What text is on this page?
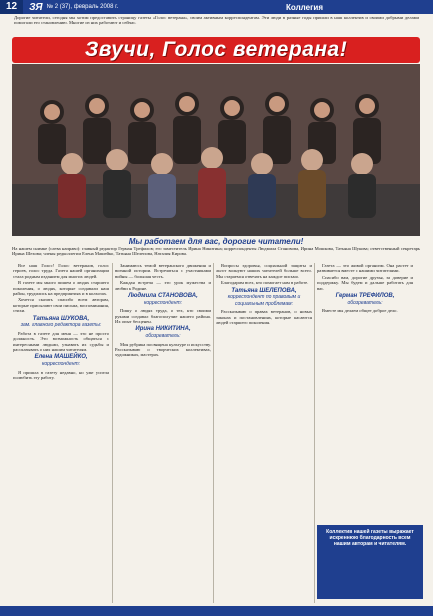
12	ЗЯ № 2 (37), февраль 2008 г.	Коллегия
Дорогие читатели, сегодня мы хотим предоставить страницу газеты «Голос ветерана», своим активным корреспондентам. Эти люди в разные годы пришли в наш коллектив и своими добрыми делами помогали его становлению. Многие из них работают и сейчас.
Звучи, Голос ветерана!
Мы работаем для вас, дорогие читатели!
На нашем снимке (слева направо): главный редактор Герман Трефилов; его заместитель Ирина Никитина; корреспонденты Людмила Становова, Ирина Мошкова, Татьяна Шукова; ответственный секретарь Ирина Шехова; члены редколлегии Елена Машейко, Татьяна Шелепова, Наталия Кирова.

Все наш Голос! Голос ветеранов, голос героев, голос труда. Газета нашей организации стала родным изданием для многих людей.

В газете мы много пишем о людях старшего поколения, о людях, которые создавали наш район, трудились на предприятиях и в колхозах.

Хочется сказать спасибо всем авторам, которые присылают свои письма, воспоминания, стихи.

Татьяна ШУКОВА,
зам. главного редактора газеты:

Работа в газете для меня — это не просто должность. Это возможность общаться с интересными людьми, узнавать их судьбы и рассказывать о них нашим читателям.

Елена МАШЕЙКО,
корреспондент:

Я пришла в газету недавно, но уже успела полюбить эту работу.

Занимаюсь темой ветеранского движения и военной истории. Встречаться с участниками войны — большая честь.

Каждая встреча — это урок мужества и любви к Родине.

Людмила СТАНОВОВА,
корреспондент:

Пишу о людях труда, о тех, кто своими руками создавал благополучие нашего района. Их опыт бесценен.

Ирина НИКИТИНА,
обозреватель:

Моя рубрика посвящена культуре и искусству. Рассказываю о творческих коллективах, художниках, мастерах.

Вопросы здоровья, социальной защиты и льгот волнуют наших читателей больше всего. Мы стараемся отвечать на каждое письмо.

Благодарим всех, кто помогает нам в работе.

Татьяна ШЕЛЕПОВА,
корреспондент по правовым и социальным проблемам:

Рассказываю о правах ветеранов, о новых законах и постановлениях, которые касаются людей старшего поколения.

Газета — это живой организм. Она растет и развивается вместе с нашими читателями.

Спасибо вам, дорогие друзья, за доверие и поддержку. Мы будем и дальше работать для вас.

Герман ТРЕФИЛОВ,
обозреватель:

Вместе мы делаем общее доброе дело.

Коллектив нашей газеты выражает искреннюю благодарность всем нашим авторам и читателям.
